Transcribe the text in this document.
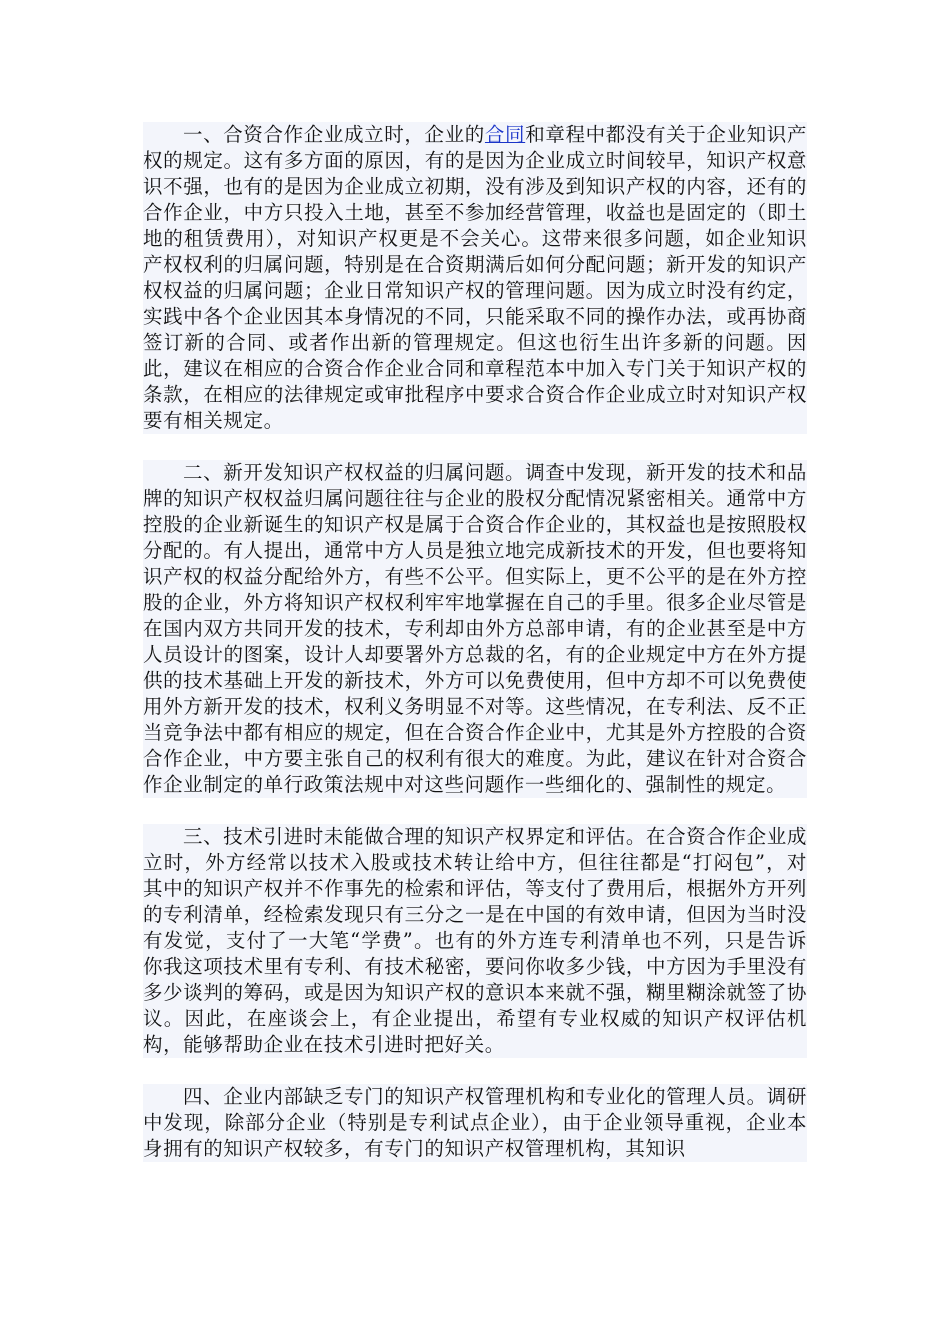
一、合资合作企业成立时，企业的合同和章程中都没有关于企业知识产权的规定。这有多方面的原因，有的是因为企业成立时间较早，知识产权意识不强，也有的是因为企业成立初期，没有涉及到知识产权的内容，还有的合作企业，中方只投入土地，甚至不参加经营管理，收益也是固定的（即土地的租赁费用），对知识产权更是不会关心。这带来很多问题，如企业知识产权权利的归属问题，特别是在合资期满后如何分配问题；新开发的知识产权权益的归属问题；企业日常知识产权的管理问题。因为成立时没有约定，实践中各个企业因其本身情况的不同，只能采取不同的操作办法，或再协商签订新的合同、或者作出新的管理规定。但这也衍生出许多新的问题。因此，建议在相应的合资合作企业合同和章程范本中加入专门关于知识产权的条款，在相应的法律规定或审批程序中要求合资合作企业成立时对知识产权要有相关规定。

二、新开发知识产权权益的归属问题。调查中发现，新开发的技术和品牌的知识产权权益归属问题往往与企业的股权分配情况紧密相关。通常中方控股的企业新诞生的知识产权是属于合资合作企业的，其权益也是按照股权分配的。有人提出，通常中方人员是独立地完成新技术的开发，但也要将知识产权的权益分配给外方，有些不公平。但实际上，更不公平的是在外方控股的企业，外方将知识产权权利牢牢地掌握在自己的手里。很多企业尽管是在国内双方共同开发的技术，专利却由外方总部申请，有的企业甚至是中方人员设计的图案，设计人却要署外方总裁的名，有的企业规定中方在外方提供的技术基础上开发的新技术，外方可以免费使用，但中方却不可以免费使用外方新开发的技术，权利义务明显不对等。这些情况，在专利法、反不正当竞争法中都有相应的规定，但在合资合作企业中，尤其是外方控股的合资合作企业，中方要主张自己的权利有很大的难度。为此，建议在针对合资合作企业制定的单行政策法规中对这些问题作一些细化的、强制性的规定。

三、技术引进时未能做合理的知识产权界定和评估。在合资合作企业成立时，外方经常以技术入股或技术转让给中方，但往往都是“打闷包”，对其中的知识产权并不作事先的检索和评估，等支付了费用后，根据外方开列的专利清单，经检索发现只有三分之一是在中国的有效申请，但因为当时没有发觉，支付了一大笔“学费”。也有的外方连专利清单也不列，只是告诉你我这项技术里有专利、有技术秘密，要问你收多少钱，中方因为手里没有多少谈判的筹码，或是因为知识产权的意识本来就不强，糊里糊涂就签了协议。因此，在座谈会上，有企业提出，希望有专业权威的知识产权评估机构，能够帮助企业在技术引进时把好关。

四、企业内部缺乏专门的知识产权管理机构和专业化的管理人员。调研中发现，除部分企业（特别是专利试点企业），由于企业领导重视，企业本身拥有的知识产权较多，有专门的知识产权管理机构，其知识
